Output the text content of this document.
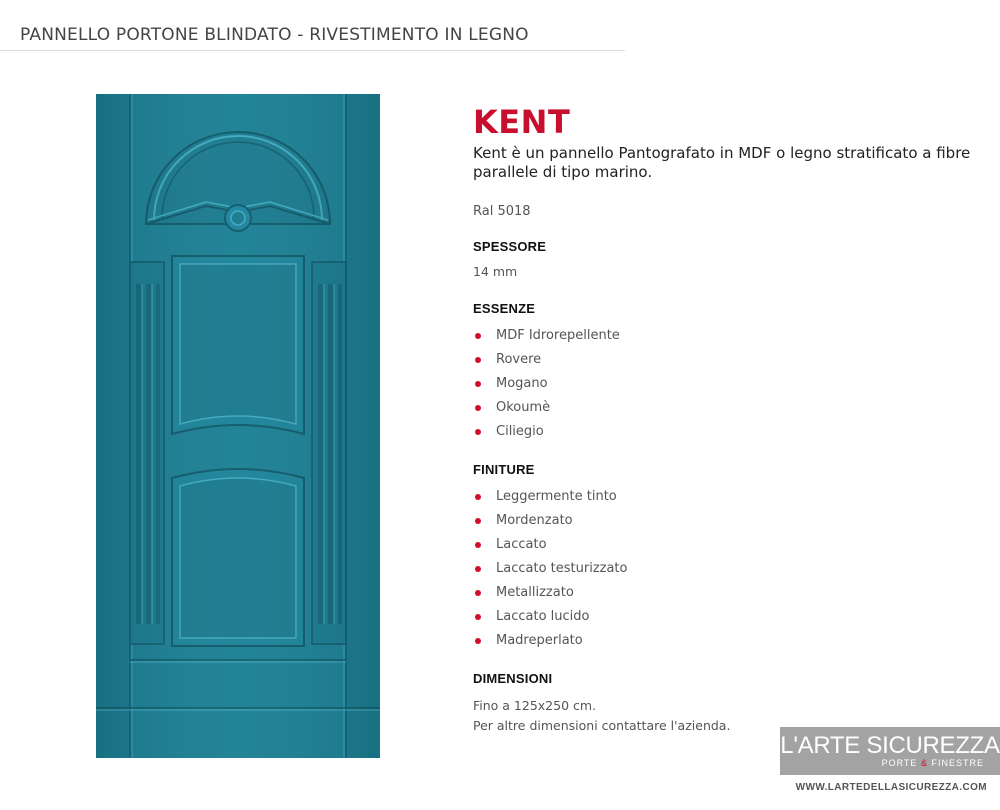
PANNELLO PORTONE BLINDATO - RIVESTIMENTO IN LEGNO
KENT

Kent è un pannello Pantografato in MDF o legno stratificato a fibre parallele di tipo marino.

Ral 5018
SPESSORE
14 mm
ESSENZE
MDF Idrorepellente
Rovere
Mogano
Okoumè
Ciliegio
FINITURE
Leggermente tinto
Mordenzato
Laccato
Laccato testurizzato
Metallizzato
Laccato lucido
Madreperlato
DIMENSIONI
Fino a 125x250 cm.
Per altre dimensioni contattare l'azienda.
L'ARTE SICUREZZA
PORTE & FINESTRE
WWW.LARTEDELLASICUREZZA.COM
